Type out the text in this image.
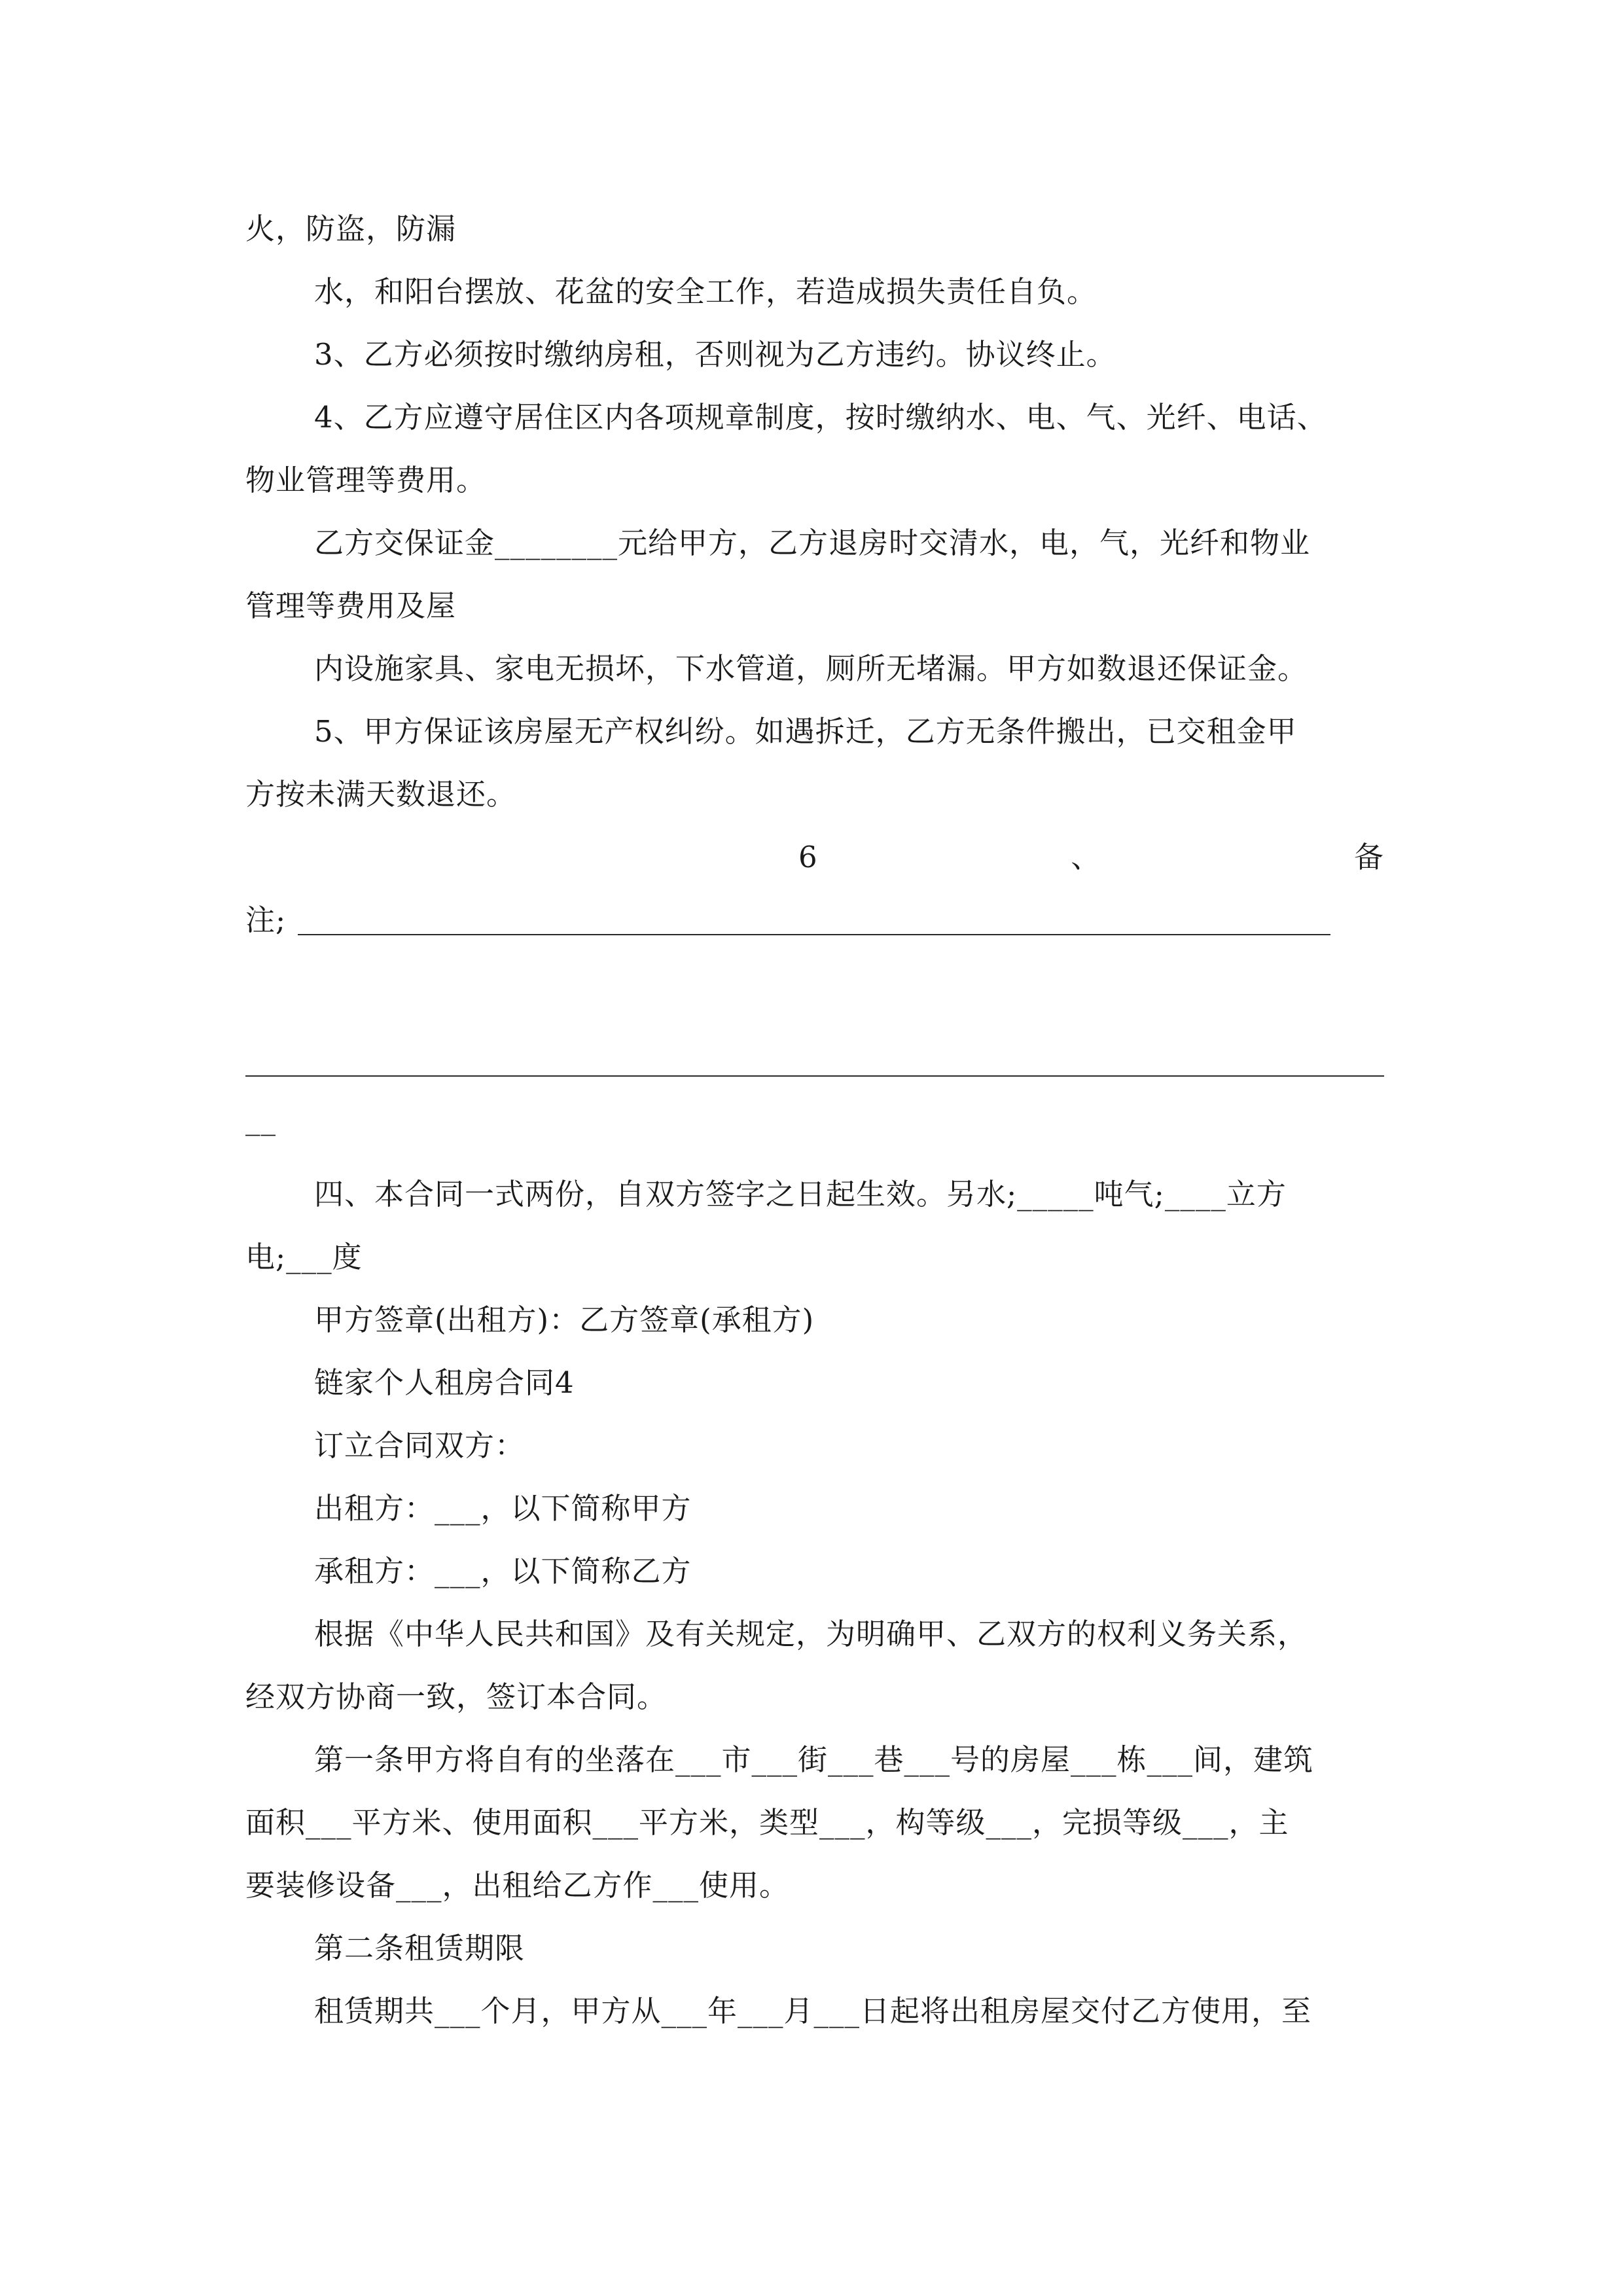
火，防盗，防漏
水，和阳台摆放、花盆的安全工作，若造成损失责任自负。
3、乙方必须按时缴纳房租，否则视为乙方违约。协议终止。
4、乙方应遵守居住区内各项规章制度，按时缴纳水、电、气、光纤、电话、
物业管理等费用。
乙方交保证金________元给甲方，乙方退房时交清水，电，气，光纤和物业
管理等费用及屋
内设施家具、家电无损坏，下水管道，厕所无堵漏。甲方如数退还保证金。
5、甲方保证该房屋无产权纠纷。如遇拆迁，乙方无条件搬出，已交租金甲
方按未满天数退还。
6	、	备
注;
__
四、本合同一式两份，自双方签字之日起生效。另水;_____吨气;____立方
电;___度
甲方签章(出租方)：乙方签章(承租方)
链家个人租房合同4
订立合同双方：
出租方：___，以下简称甲方
承租方：___，以下简称乙方
根据《中华人民共和国》及有关规定，为明确甲、乙双方的权利义务关系，
经双方协商一致，签订本合同。
第一条甲方将自有的坐落在___市___街___巷___号的房屋___栋___间，建筑
面积___平方米、使用面积___平方米，类型___，构等级___，完损等级___，主
要装修设备___，出租给乙方作___使用。
第二条租赁期限
租赁期共___个月，甲方从___年___月___日起将出租房屋交付乙方使用，至
